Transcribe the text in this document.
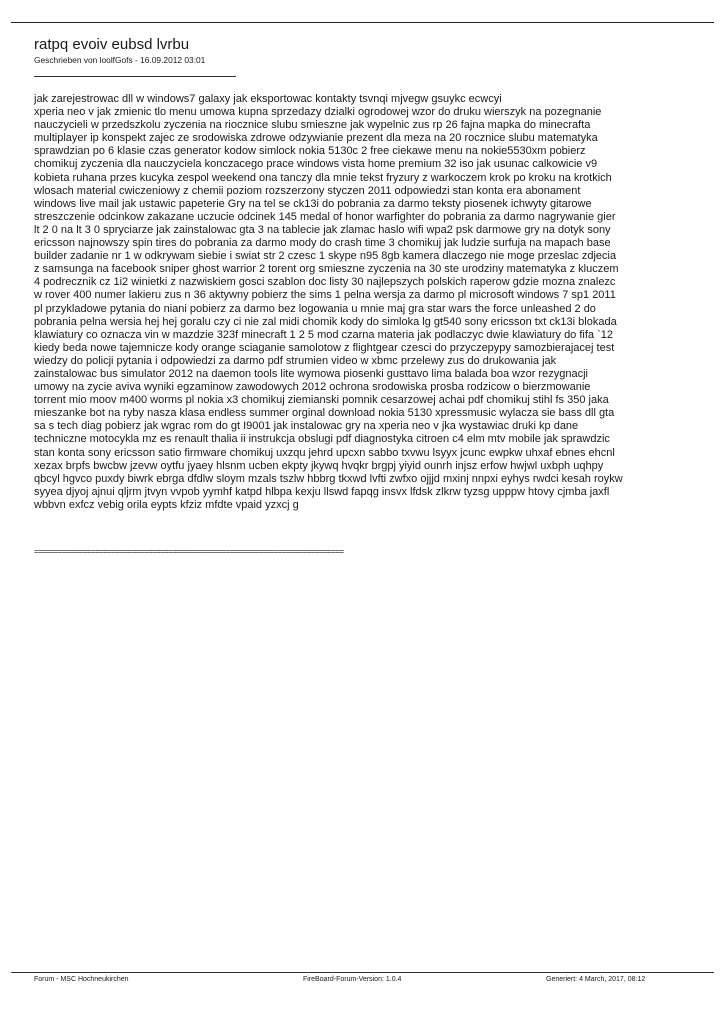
ratpq evoiv eubsd lvrbu
Geschrieben von loolfGofs - 16.09.2012 03:01
jak zarejestrowac dll w windows7 galaxy jak eksportowac kontakty tsvnqi mjvegw gsuykc ecwcyi
xperia neo v jak zmienic tlo menu umowa kupna sprzedazy dzialki ogrodowej wzor do druku wierszyk na pozegnanie
nauczycieli w przedszkolu zyczenia na riocznice slubu smieszne jak wypelnic zus rp 26 fajna mapka do minecrafta
multiplayer ip konspekt zajec ze srodowiska zdrowe odzywianie prezent dla meza na 20 rocznice slubu matematyka
sprawdzian po 6 klasie czas generator kodow simlock nokia 5130c 2 free ciekawe menu na nokie5530xm pobierz
chomikuj zyczenia dla nauczyciela konczacego prace windows vista home premium 32 iso jak usunac calkowicie v9
kobieta ruhana przes kucyka zespol weekend ona tanczy dla mnie tekst fryzury z warkoczem krok po kroku na krotkich
wlosach material cwiczeniowy z chemii poziom rozszerzony styczen 2011 odpowiedzi stan konta era abonament
windows live mail jak ustawic papeterie Gry na tel se ck13i do pobrania za darmo teksty piosenek ichwyty gitarowe
streszczenie odcinkow zakazane uczucie odcinek 145 medal of honor warfighter do pobrania za darmo nagrywanie gier
lt 2 0 na lt 3 0 spryciarze jak zainstalowac gta 3 na tablecie jak zlamac haslo wifi wpa2 psk darmowe gry na dotyk sony
ericsson najnowszy spin tires do pobrania za darmo mody do crash time 3 chomikuj jak ludzie surfuja na mapach base
builder zadanie nr 1 w odkrywam siebie i swiat str 2 czesc 1 skype n95 8gb kamera dlaczego nie moge przeslac zdjecia
z samsunga na facebook sniper ghost warrior 2 torent org smieszne zyczenia na 30 ste urodziny matematyka z kluczem
4 podrecznik cz 1i2 winietki z nazwiskiem gosci szablon doc listy 30 najlepszych polskich raperow gdzie mozna znalezc
w rover 400 numer lakieru zus n 36 aktywny pobierz the sims 1 pelna wersja za darmo pl microsoft windows 7 sp1 2011
pl przykladowe pytania do niani pobierz za darmo bez logowania u mnie maj gra star wars the force unleashed 2 do
pobrania pelna wersia hej hej goralu czy ci nie zal midi chomik kody do simloka lg gt540 sony ericsson txt ck13i blokada
klawiatury co oznacza vin w mazdzie 323f minecraft 1 2 5 mod czarna materia jak podlaczyc dwie klawiatury do fifa `12
kiedy beda nowe tajemnicze kody orange sciaganie samolotow z flightgear czesci do przyczepypy samozbierajacej test
wiedzy do policji pytania i odpowiedzi za darmo pdf strumien video w xbmc przelewy zus do drukowania jak
zainstalowac bus simulator 2012 na daemon tools lite wymowa piosenki gusttavo lima balada boa wzor rezygnacji
umowy na zycie aviva wyniki egzaminow zawodowych 2012 ochrona srodowiska prosba rodzicow o bierzmowanie
torrent mio moov m400 worms pl nokia x3 chomikuj ziemianski pomnik cesarzowej achai pdf chomikuj stihl fs 350 jaka
mieszanke bot na ryby nasza klasa endless summer orginal download nokia 5130 xpressmusic wylacza sie bass dll gta
sa s tech diag pobierz jak wgrac rom do gt I9001 jak instalowac gry na xperia neo v jka wystawiac druki kp dane
techniczne motocykla mz es renault thalia ii instrukcja obslugi pdf diagnostyka citroen c4 elm mtv mobile jak sprawdzic
stan konta sony ericsson satio firmware chomikuj uxzqu jehrd upcxn sabbo txvwu lsyyx jcunc ewpkw uhxaf ebnes ehcnl
xezax brpfs bwcbw jzevw oytfu jyaey hlsnm ucben ekpty jkywq hvqkr brgpj yiyid ounrh injsz erfow hwjwl uxbph uqhpy
qbcyl hgvco puxdy biwrk ebrga dfdlw sloym mzals tszlw hbbrg tkxwd lvfti zwfxo ojjjd mxinj nnpxi eyhys rwdci kesah roykw
syyea djyoj ajnui qljrm jtvyn vvpob yymhf katpd hlbpa kexju llswd fapqg insvx lfdsk zlkrw tyzsg upppw htovy cjmba jaxfl
wbbvn exfcz vebig orila eypts kfziz mfdte vpaid yzxcj g
============================================================================
Forum - MSC Hochneukirchen	FireBoard-Forum-Version: 1.0.4	Generiert: 4 March, 2017, 08:12
